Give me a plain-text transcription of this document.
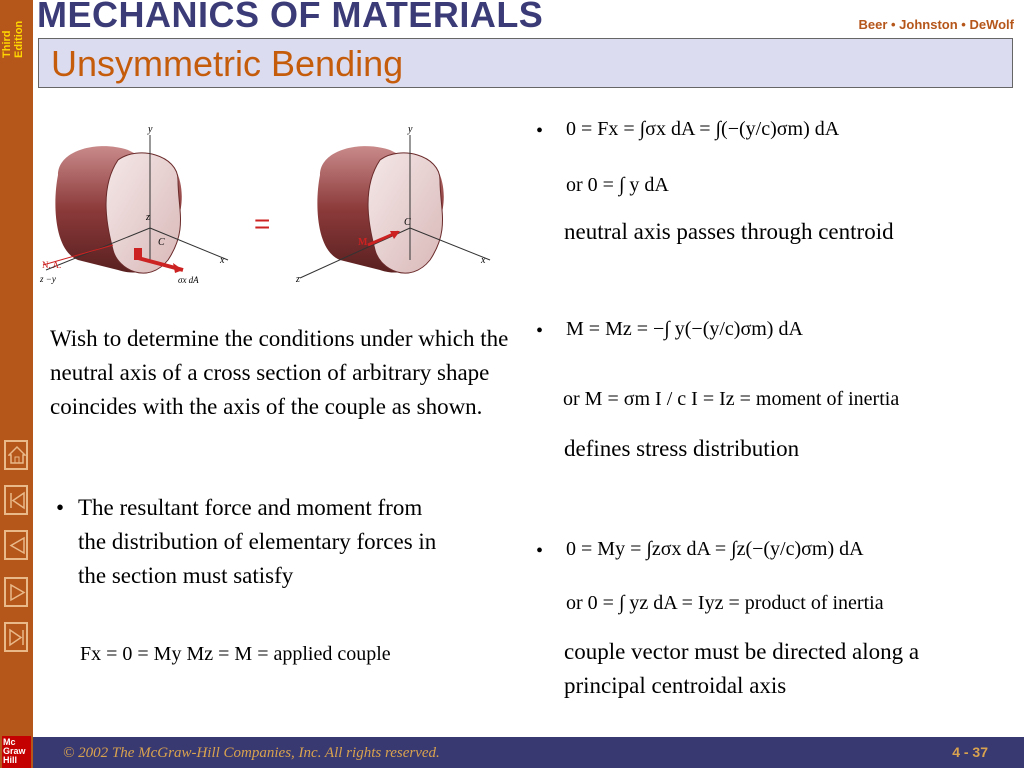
Third Edition
Mc
Graw
Hill
Beer • Johnston • DeWolf
MECHANICS OF MATERIALS
Unsymmetric Bending
y
z
C
x
N. A.
z −y	σx dA
=
y
C
M
x
z
Wish to determine the conditions under which the neutral axis of a cross section of arbitrary shape coincides with the axis of the couple as shown.
• The resultant force and moment from the distribution of elementary forces in the section must satisfy
Fx = 0 = My Mz = M = applied couple
• 0 = Fx = ∫σx dA = ∫(−(y/c)σm) dA
or 0 = ∫ y dA
neutral axis passes through centroid
• M = Mz = −∫ y(−(y/c)σm) dA
or M = σm I / c I = Iz = moment of inertia
defines stress distribution
• 0 = My = ∫zσx dA = ∫z(−(y/c)σm) dA
or 0 = ∫ yz dA = Iyz = product of inertia
couple vector must be directed along a principal centroidal axis
© 2002 The McGraw-Hill Companies, Inc. All rights reserved.	4 - 37
